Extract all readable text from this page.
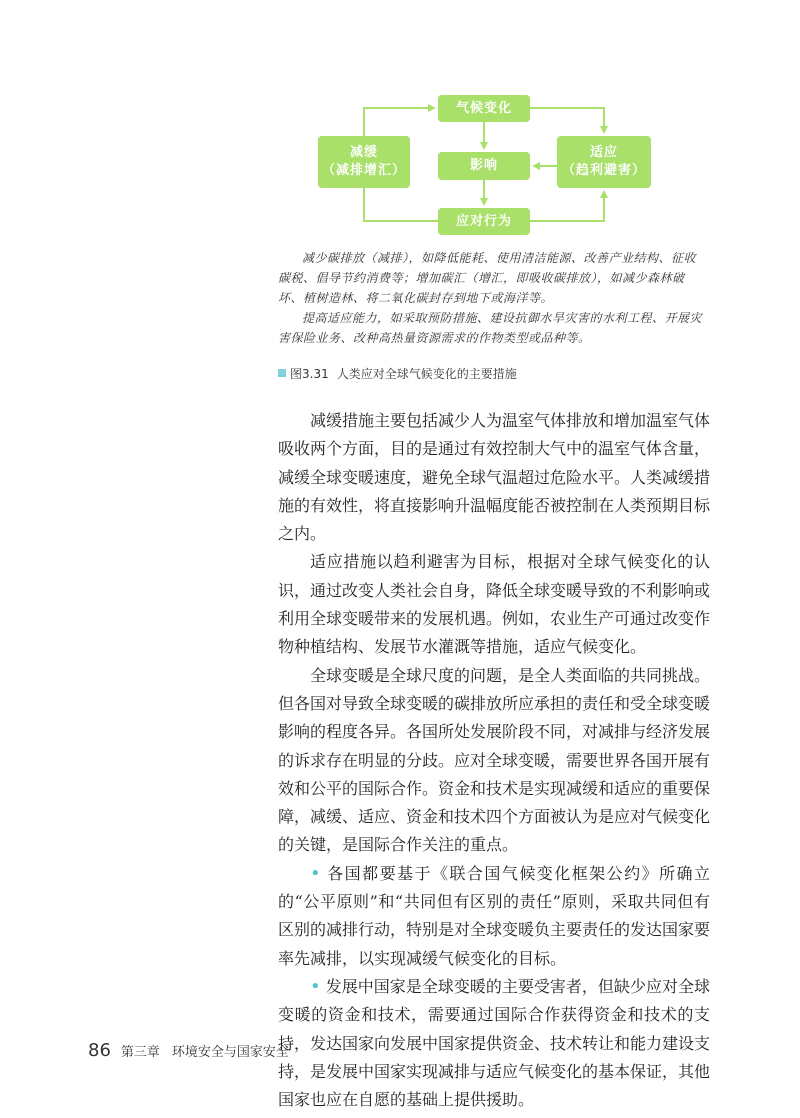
气候变化
影响
应对行为
减缓
（减排增汇）
适应
（趋利避害）

减少碳排放（减排），如降低能耗、使用清洁能源、改善产业结构、征收碳税、倡导节约消费等；增加碳汇（增汇，即吸收碳排放），如减少森林破坏、植树造林、将二氧化碳封存到地下或海洋等。

提高适应能力，如采取预防措施、建设抗御水旱灾害的水利工程、开展灾害保险业务、改种高热量资源需求的作物类型或品种等。

图3.31 人类应对全球气候变化的主要措施

减缓措施主要包括减少人为温室气体排放和增加温室气体吸收两个方面，目的是通过有效控制大气中的温室气体含量，减缓全球变暖速度，避免全球气温超过危险水平。人类减缓措施的有效性，将直接影响升温幅度能否被控制在人类预期目标之内。

适应措施以趋利避害为目标，根据对全球气候变化的认识，通过改变人类社会自身，降低全球变暖导致的不利影响或利用全球变暖带来的发展机遇。例如，农业生产可通过改变作物种植结构、发展节水灌溉等措施，适应气候变化。

全球变暖是全球尺度的问题，是全人类面临的共同挑战。但各国对导致全球变暖的碳排放所应承担的责任和受全球变暖影响的程度各异。各国所处发展阶段不同，对减排与经济发展的诉求存在明显的分歧。应对全球变暖，需要世界各国开展有效和公平的国际合作。资金和技术是实现减缓和适应的重要保障，减缓、适应、资金和技术四个方面被认为是应对气候变化的关键，是国际合作关注的重点。

• 各国都要基于《联合国气候变化框架公约》所确立的“公平原则”和“共同但有区别的责任”原则，采取共同但有区别的减排行动，特别是对全球变暖负主要责任的发达国家要率先减排，以实现减缓气候变化的目标。

• 发展中国家是全球变暖的主要受害者，但缺少应对全球变暖的资金和技术，需要通过国际合作获得资金和技术的支持，发达国家向发展中国家提供资金、技术转让和能力建设支持，是发展中国家实现减排与适应气候变化的基本保证，其他国家也应在自愿的基础上提供援助。

86 第三章 环境安全与国家安全
